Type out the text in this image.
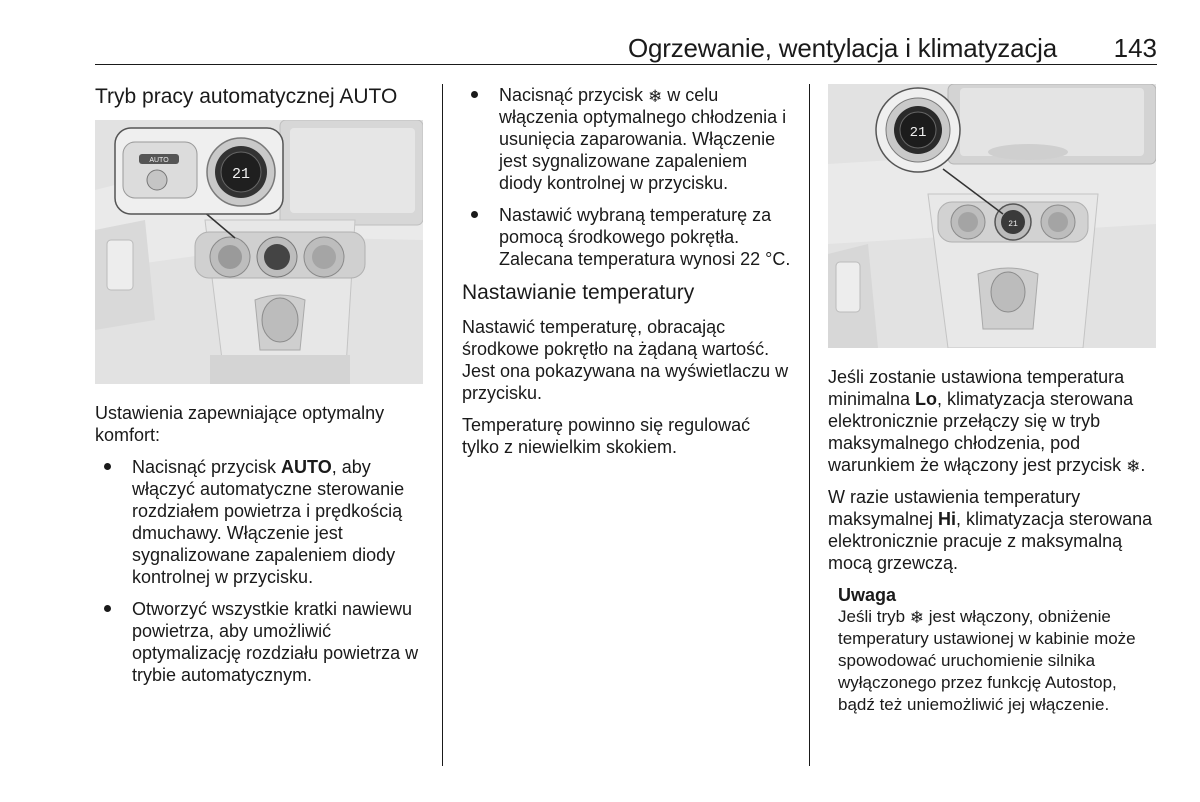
Ogrzewanie, wentylacja i klimatyzacja 143
Tryb pracy automatycznej AUTO
AUTO
21

Ustawienia zapewniające optymalny komfort:

Nacisnąć przycisk AUTO, aby włączyć automatyczne sterowanie rozdziałem powietrza i prędkością dmuchawy. Włączenie jest sygnalizowane zapaleniem diody kontrolnej w przycisku.
Otworzyć wszystkie kratki nawiewu powietrza, aby umożliwić optymalizację rozdziału powietrza w trybie automatycznym.
Nacisnąć przycisk ❄ w celu włączenia optymalnego chłodzenia i usunięcia zaparowania. Włączenie jest sygnalizowane zapaleniem diody kontrolnej w przycisku.
Nastawić wybraną temperaturę za pomocą środkowego pokrętła. Zalecana temperatura wynosi 22 °C.
Nastawianie temperatury

Nastawić temperaturę, obracając środkowe pokrętło na żądaną wartość. Jest ona pokazywana na wyświetlaczu w przycisku.

Temperaturę powinno się regulować tylko z niewielkim skokiem.

21
21

Jeśli zostanie ustawiona temperatura minimalna Lo, klimatyzacja sterowana elektronicznie przełączy się w tryb maksymalnego chłodzenia, pod warunkiem że włączony jest przycisk ❄.

W razie ustawienia temperatury maksymalnej Hi, klimatyzacja sterowana elektronicznie pracuje z maksymalną mocą grzewczą.

Uwaga
Jeśli tryb ❄ jest włączony, obniżenie temperatury ustawionej w kabinie może spowodować uruchomienie silnika wyłączonego przez funkcję Autostop, bądź też uniemożliwić jej włączenie.
